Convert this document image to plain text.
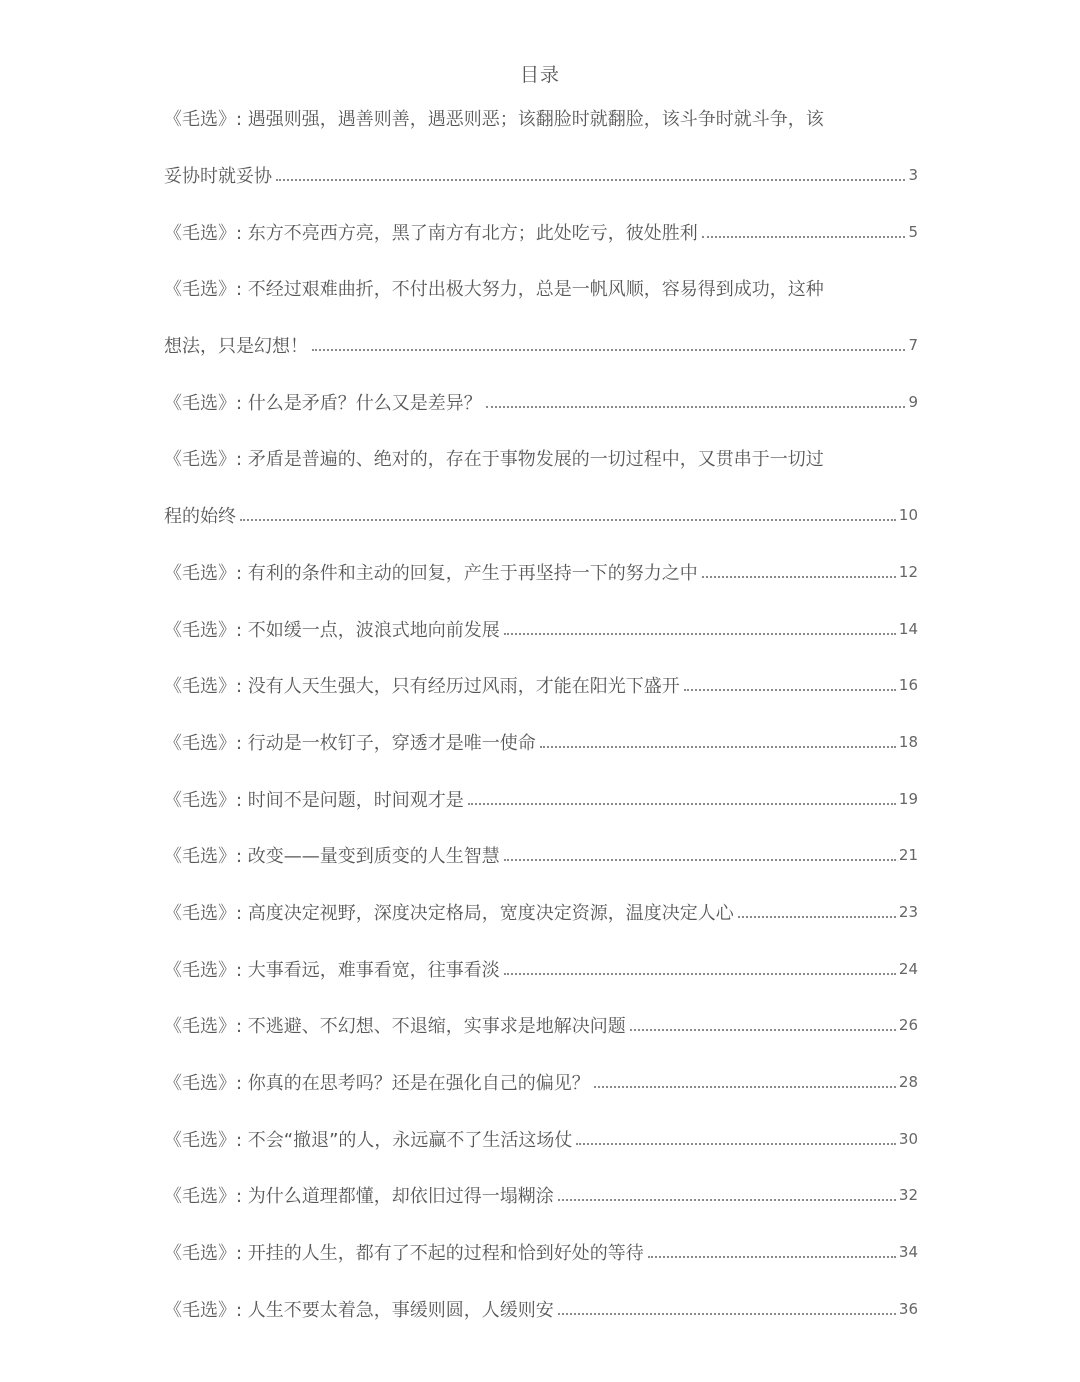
目录
《毛选》: 遇强则强，遇善则善，遇恶则恶；该翻脸时就翻脸，该斗争时就斗争，该
妥协时就妥协	3
《毛选》: 东方不亮西方亮，黑了南方有北方；此处吃亏，彼处胜利	5
《毛选》: 不经过艰难曲折，不付出极大努力，总是一帆风顺，容易得到成功，这种
想法，只是幻想！	7
《毛选》: 什么是矛盾？什么又是差异？	9
《毛选》: 矛盾是普遍的、绝对的，存在于事物发展的一切过程中，又贯串于一切过
程的始终	10
《毛选》: 有利的条件和主动的回复，产生于再坚持一下的努力之中	12
《毛选》: 不如缓一点，波浪式地向前发展	14
《毛选》: 没有人天生强大，只有经历过风雨，才能在阳光下盛开	16
《毛选》: 行动是一枚钉子，穿透才是唯一使命	18
《毛选》: 时间不是问题，时间观才是	19
《毛选》: 改变——量变到质变的人生智慧	21
《毛选》: 高度决定视野，深度决定格局，宽度决定资源，温度决定人心	23
《毛选》: 大事看远，难事看宽，往事看淡	24
《毛选》: 不逃避、不幻想、不退缩，实事求是地解决问题	26
《毛选》: 你真的在思考吗？还是在强化自己的偏见？	28
《毛选》: 不会“撤退”的人，永远赢不了生活这场仗	30
《毛选》: 为什么道理都懂，却依旧过得一塌糊涂	32
《毛选》: 开挂的人生，都有了不起的过程和恰到好处的等待	34
《毛选》: 人生不要太着急，事缓则圆，人缓则安	36
